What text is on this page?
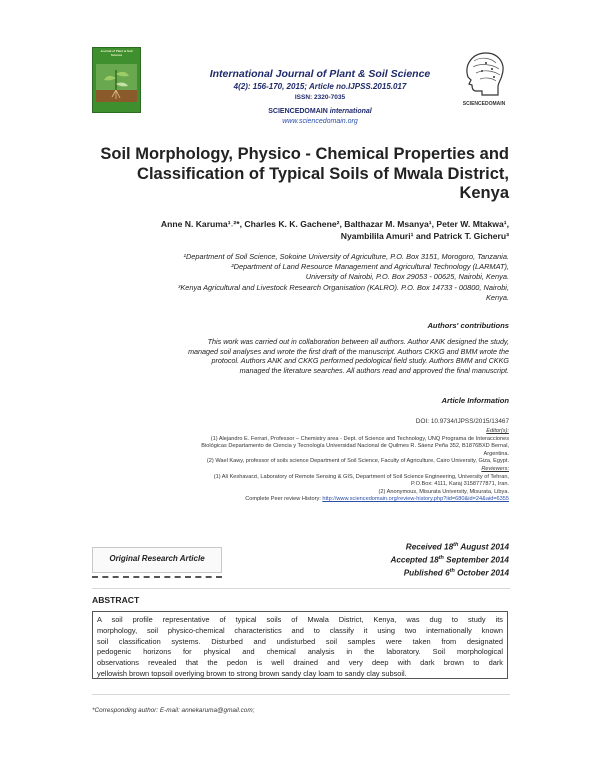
Journal of Plant & Soil Science
International Journal of Plant & Soil Science
4(2): 156-170, 2015; Article no.IJPSS.2015.017
ISSN: 2320-7035
SCIENCEDOMAIN international
www.sciencedomain.org
SCIENCEDOMAIN
Soil Morphology, Physico - Chemical Properties and
Classification of Typical Soils of Mwala District,
Kenya
Anne N. Karuma¹˒²*, Charles K. K. Gachene², Balthazar M. Msanya¹, Peter W. Mtakwa¹,
Nyambilila Amuri¹ and Patrick T. Gicheru³
¹Department of Soil Science, Sokoine University of Agriculture, P.O. Box 3151, Morogoro, Tanzania.
²Department of Land Resource Management and Agricultural Technology (LARMAT),
University of Nairobi, P.O. Box 29053 - 00625, Nairobi, Kenya.
³Kenya Agricultural and Livestock Research Organisation (KALRO). P.O. Box 14733 - 00800, Nairobi,
Kenya.
Authors' contributions
This work was carried out in collaboration between all authors. Author ANK designed the study,
managed soil analyses and wrote the first draft of the manuscript. Authors CKKG and BMM wrote the
protocol. Authors ANK and CKKG performed pedological field study. Authors BMM and CKKG
managed the literature searches. All authors read and approved the final manuscript.
Article Information
DOI: 10.9734/IJPSS/2015/13467
Editor(s):
(1) Alejandro E. Ferrari, Professor – Chemistry area - Dept. of Science and Technology, UNQ Programa de Interacciones
Biológicas Departamento de Ciencia y Tecnología Universidad Nacional de Quilmes R. Sáenz Peña 352, B1876BXD Bernal,
Argentina.
(2) Wael Kawy, professor of soils science Department of Soil Science, Faculty of Agriculture, Cairo University, Giza, Egypt.
Reviewers:
(1) Ali Keshavarzi, Laboratory of Remote Sensing & GIS, Department of Soil Science Engineering, University of Tehran,
P.O.Box: 4111, Karaj 3158777871, Iran.
(2) Anonymous, Misurata University, Misurata, Libya.
Complete Peer review History: http://www.sciencedomain.org/review-history.php?iid=680&id=24&aid=6355
Original Research Article
Received 18th August 2014
Accepted 18th September 2014
Published 6th October 2014
ABSTRACT
A soil profile representative of typical soils of Mwala District, Kenya, was dug to study its
morphology, soil physico-chemical characteristics and to classify it using two internationally known
soil classification systems. Disturbed and undisturbed soil samples were taken from designated
pedogenic horizons for physical and chemical analysis in the laboratory. Soil morphological
observations revealed that the pedon is well drained and very deep with dark brown to dark
yellowish brown topsoil overlying brown to strong brown sandy clay loam to sandy clay subsoil.
*Corresponding author: E-mail: annekaruma@gmail.com;
